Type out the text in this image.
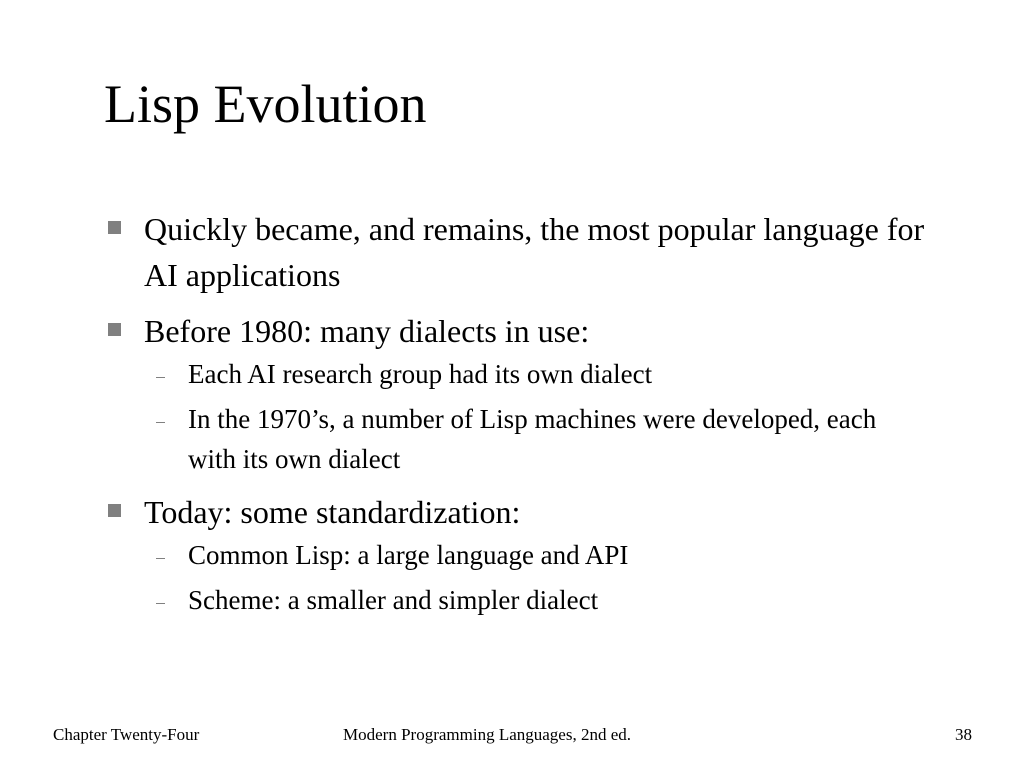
Lisp Evolution
Quickly became, and remains, the most popular language for AI applications
Before 1980: many dialects in use:
Each AI research group had its own dialect
In the 1970’s, a number of Lisp machines were developed, each with its own dialect
Today: some standardization:
Common Lisp: a large language and API
Scheme: a smaller and simpler dialect
Chapter Twenty-Four	Modern Programming Languages, 2nd ed.	38
